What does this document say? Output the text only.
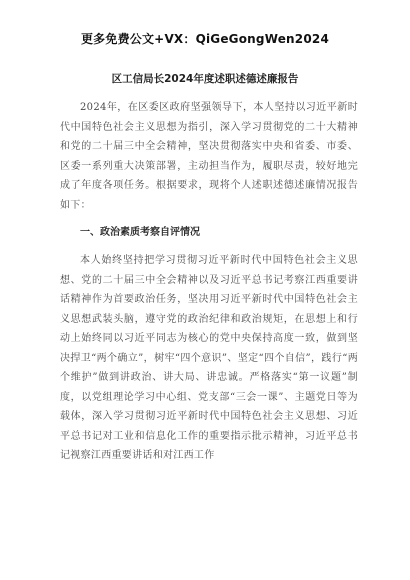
更多免费公文+VX：QiGeGongWen2024
区工信局长2024年度述职述德述廉报告

2024年，在区委区政府坚强领导下，本人坚持以习近平新时代中国特色社会主义思想为指引，深入学习贯彻党的二十大精神和党的二十届三中全会精神，坚决贯彻落实中央和省委、市委、区委一系列重大决策部署，主动担当作为，履职尽责，较好地完成了年度各项任务。根据要求，现将个人述职述德述廉情况报告如下：

一、政治素质考察自评情况

本人始终坚持把学习贯彻习近平新时代中国特色社会主义思想、党的二十届三中全会精神以及习近平总书记考察江西重要讲话精神作为首要政治任务，坚决用习近平新时代中国特色社会主义思想武装头脑，遵守党的政治纪律和政治规矩，在思想上和行动上始终同以习近平同志为核心的党中央保持高度一致，做到坚决捍卫“两个确立”，树牢“四个意识”、坚定“四个自信”，践行“两个维护”做到讲政治、讲大局、讲忠诚。严格落实“第一议题”制度，以党组理论学习中心组、党支部“三会一课”、主题党日等为载体，深入学习贯彻习近平新时代中国特色社会主义思想、习近平总书记对工业和信息化工作的重要指示批示精神，习近平总书记视察江西重要讲话和对江西工作
